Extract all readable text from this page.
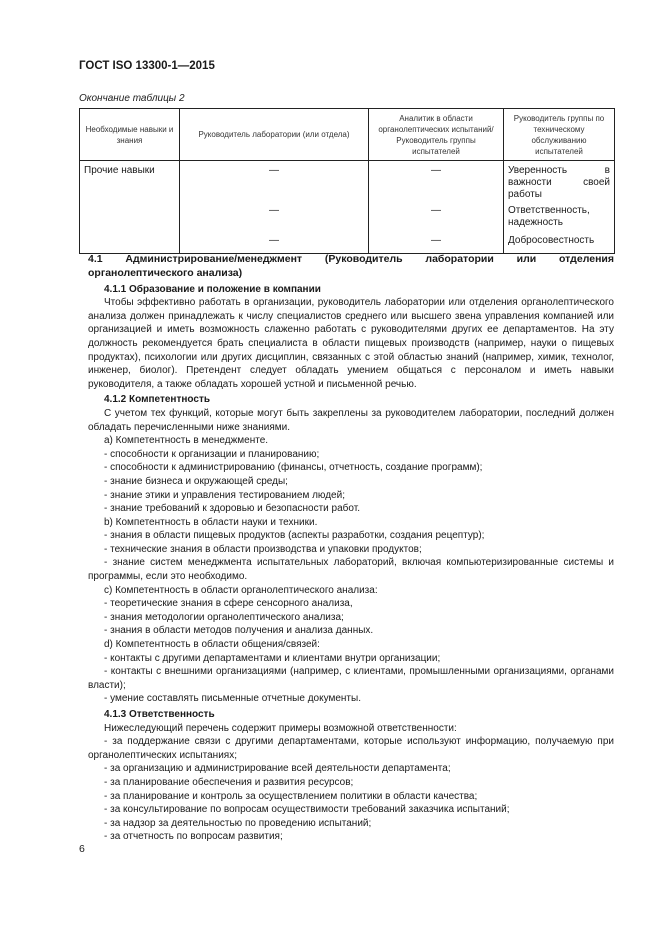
ГОСТ ISO 13300-1—2015
Окончание таблицы 2
Необходимые навыки и знания	Руководитель лаборатории (или отдела)	Аналитик в области органолептических испытаний/ Руководитель группы испытателей	Руководитель группы по техническому обслуживанию испытателей
Прочие навыки	—	—	Уверенность в важности своей работы
	—	—	Ответственность, надежность
	—	—	Добросовестность

4.1 Администрирование/менеджмент (Руководитель лаборатории или отделения органолептического анализа)

4.1.1 Образование и положение в компании

Чтобы эффективно работать в организации, руководитель лаборатории или отделения органолептического анализа должен принадлежать к числу специалистов среднего или высшего звена управления компанией или организацией и иметь возможность слаженно работать с руководителями других ее департаментов. На эту должность рекомендуется брать специалиста в области пищевых производств (например, науки о пищевых продуктах), психологии или других дисциплин, связанных с этой областью знаний (например, химик, технолог, инженер, биолог). Претендент следует обладать умением общаться с персоналом и иметь навыки руководителя, а также обладать хорошей устной и письменной речью.

4.1.2 Компетентность

С учетом тех функций, которые могут быть закреплены за руководителем лаборатории, последний должен обладать перечисленными ниже знаниями.

a) Компетентность в менеджменте.

- способности к организации и планированию;

- способности к администрированию (финансы, отчетность, создание программ);

- знание бизнеса и окружающей среды;

- знание этики и управления тестированием людей;

- знание требований к здоровью и безопасности работ.

b) Компетентность в области науки и техники.

- знания в области пищевых продуктов (аспекты разработки, создания рецептур);

- технические знания в области производства и упаковки продуктов;

- знание систем менеджмента испытательных лабораторий, включая компьютеризированные системы и программы, если это необходимо.

c) Компетентность в области органолептического анализа:

- теоретические знания в сфере сенсорного анализа,

- знания методологии органолептического анализа;

- знания в области методов получения и анализа данных.

d) Компетентность в области общения/связей:

- контакты с другими департаментами и клиентами внутри организации;

- контакты с внешними организациями (например, с клиентами, промышленными организациями, органами власти);

- умение составлять письменные отчетные документы.

4.1.3 Ответственность

Нижеследующий перечень содержит примеры возможной ответственности:

- за поддержание связи с другими департаментами, которые используют информацию, получаемую при органолептических испытаниях;

- за организацию и администрирование всей деятельности департамента;

- за планирование обеспечения и развития ресурсов;

- за планирование и контроль за осуществлением политики в области качества;

- за консультирование по вопросам осуществимости требований заказчика испытаний;

- за надзор за деятельностью по проведению испытаний;

- за отчетность по вопросам развития;

6
